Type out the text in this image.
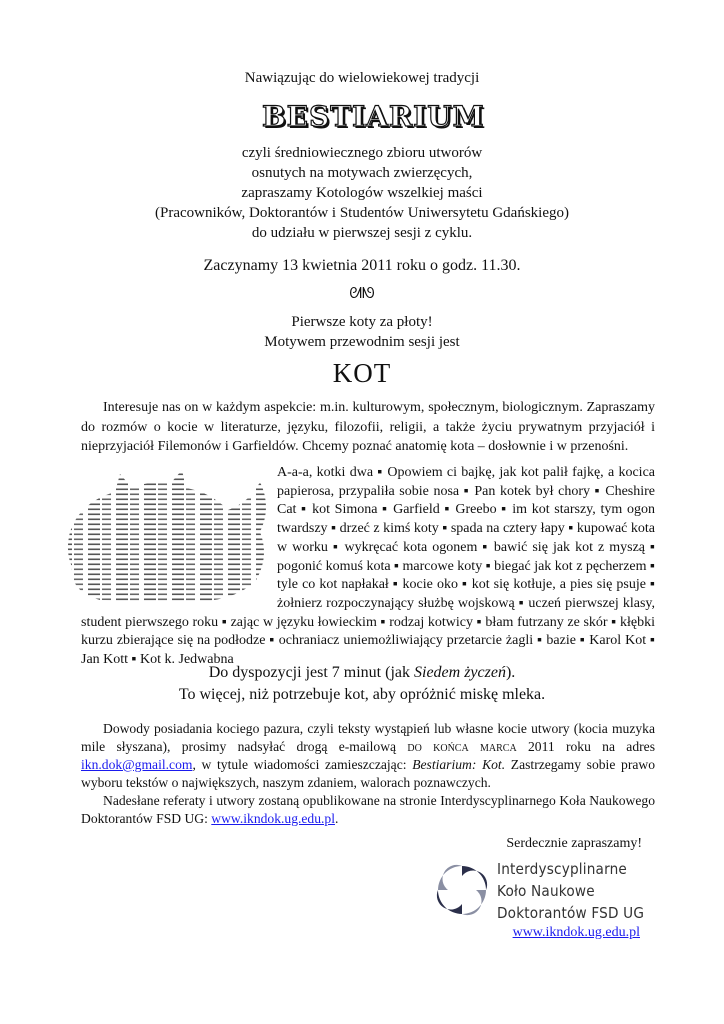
Nawiązując do wielowiekowej tradycji
BESTIARIUM
czyli średniowiecznego zbioru utworów
osnutych na motywach zwierzęcych,
zapraszamy Kotologów wszelkiej maści
(Pracowników, Doktorantów i Studentów Uniwersytetu Gdańskiego)
do udziału w pierwszej sesji z cyklu.
Zaczynamy 13 kwietnia 2011 roku o godz. 11.30.
ᘛᘚ
Pierwsze koty za płoty!
Motywem przewodnim sesji jest
KOT

Interesuje nas on w każdym aspekcie: m.in. kulturowym, społecznym, biologicznym. Zapraszamy do rozmów o kocie w literaturze, języku, filozofii, religii, a także życiu prywatnym przyjaciół i nieprzyjaciół Filemonów i Garfieldów. Chcemy poznać anatomię kota – dosłownie i w przenośni.

A-a-a, kotki dwa ▪ Opowiem ci bajkę, jak kot palił fajkę, a kocica papierosa, przypaliła sobie nosa ▪ Pan kotek był chory ▪ Cheshire Cat ▪ kot Simona ▪ Garfield ▪ Greebo ▪ im kot starszy, tym ogon twardszy ▪ drzeć z kimś koty ▪ spada na cztery łapy ▪ kupować kota w worku ▪ wykręcać kota ogonem ▪ bawić się jak kot z myszą ▪ pogonić komuś kota ▪ marcowe koty ▪ biegać jak kot z pęcherzem ▪ tyle co kot napłakał ▪ kocie oko ▪ kot się kotłuje, a pies się psuje ▪ żołnierz rozpoczynający służbę wojskową ▪ uczeń pierwszej klasy, student pierwszego roku ▪ zając w języku łowieckim ▪ rodzaj kotwicy ▪ błam futrzany ze skór ▪ kłębki kurzu zbierające się na podłodze ▪ ochraniacz uniemożliwiający przetarcie żagli ▪ bazie ▪ Karol Kot ▪ Jan Kott ▪ Kot k. Jedwabna
Do dyspozycji jest 7 minut (jak Siedem życzeń).
To więcej, niż potrzebuje kot, aby opróżnić miskę mleka.

Dowody posiadania kociego pazura, czyli teksty wystąpień lub własne kocie utwory (kocia muzyka mile słyszana), prosimy nadsyłać drogą e-mailową do końca marca 2011 roku na adres ikn.dok@gmail.com, w tytule wiadomości zamieszczając: Bestiarium: Kot. Zastrzegamy sobie prawo wyboru tekstów o największych, naszym zdaniem, walorach poznawczych.

Nadesłane referaty i utwory zostaną opublikowane na stronie Interdyscyplinarnego Koła Naukowego Doktorantów FSD UG: www.ikndok.ug.edu.pl.

Serdecznie zapraszamy!
Interdyscyplinarne
Koło Naukowe
Doktorantów FSD UG
www.ikndok.ug.edu.pl
